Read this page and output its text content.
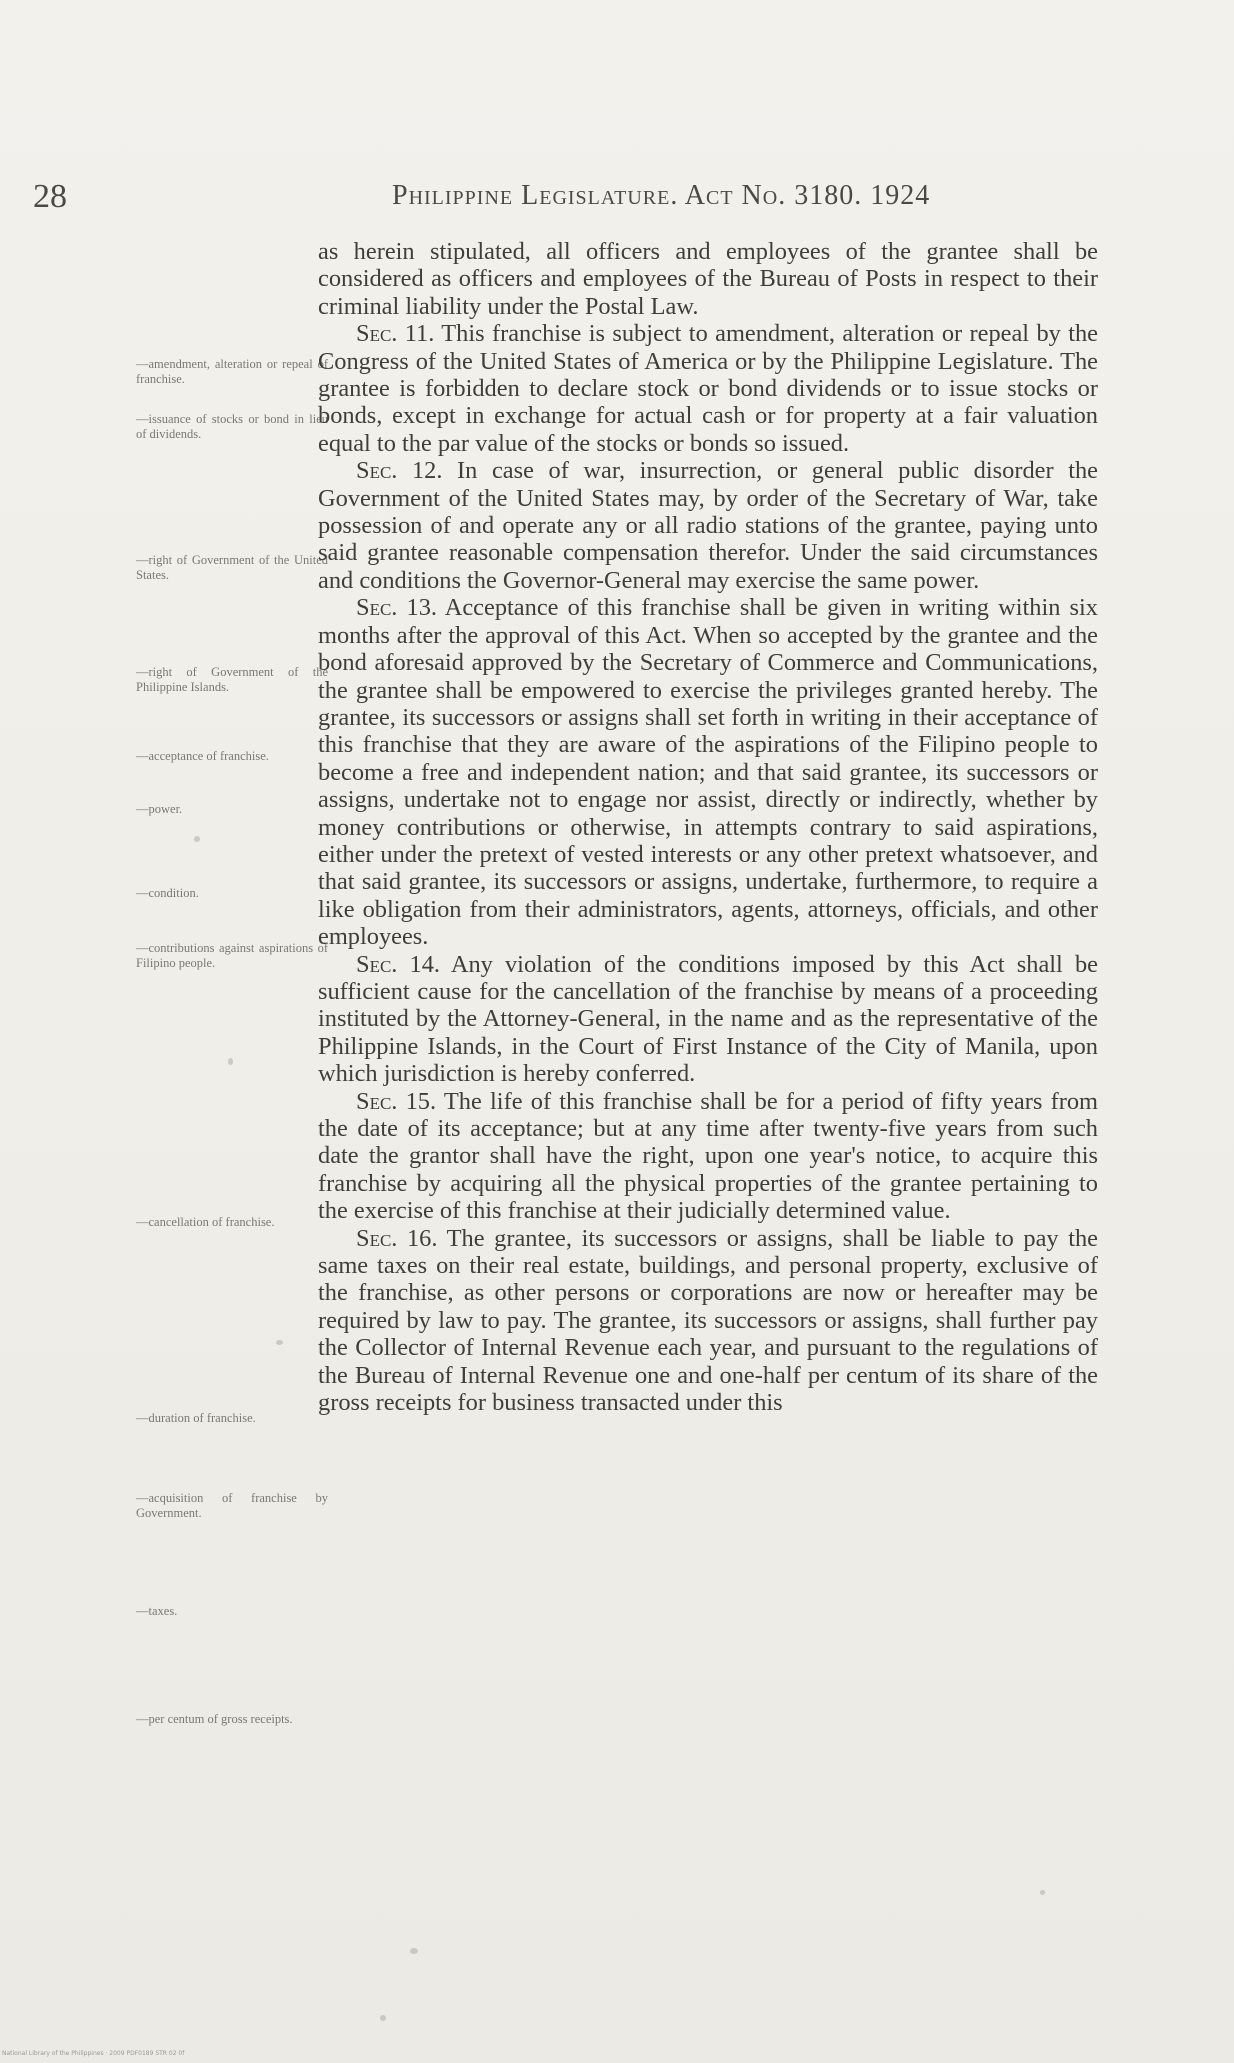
28	Philippine Legislature. Act No. 3180. 1924
—amendment, alteration or repeal of franchise.
—issuance of stocks or bond in lieu of dividends.
—right of Government of the United States.
—right of Government of the Philippine Islands.
—acceptance of franchise.
—power.
—condition.
—contributions against aspirations of Filipino people.
—cancellation of franchise.
—duration of franchise.
—acquisition of franchise by Government.
—taxes.
—per centum of gross receipts.

as herein stipulated, all officers and employees of the grantee shall be considered as officers and employees of the Bureau of Posts in respect to their criminal liability under the Postal Law.

Sec. 11. This franchise is subject to amendment, alteration or repeal by the Congress of the United States of America or by the Philippine Legislature. The grantee is forbidden to declare stock or bond dividends or to issue stocks or bonds, except in exchange for actual cash or for property at a fair valuation equal to the par value of the stocks or bonds so issued.

Sec. 12. In case of war, insurrection, or general public disorder the Government of the United States may, by order of the Secretary of War, take possession of and operate any or all radio stations of the grantee, paying unto said grantee reasonable compensation therefor. Under the said circumstances and conditions the Governor-General may exercise the same power.

Sec. 13. Acceptance of this franchise shall be given in writing within six months after the approval of this Act. When so accepted by the grantee and the bond aforesaid approved by the Secretary of Commerce and Communications, the grantee shall be empowered to exercise the privileges granted hereby. The grantee, its successors or assigns shall set forth in writing in their acceptance of this franchise that they are aware of the aspirations of the Filipino people to become a free and independent nation; and that said grantee, its successors or assigns, undertake not to engage nor assist, directly or indirectly, whether by money contributions or otherwise, in attempts contrary to said aspirations, either under the pretext of vested interests or any other pretext whatsoever, and that said grantee, its successors or assigns, undertake, furthermore, to require a like obligation from their administrators, agents, attorneys, officials, and other employees.

Sec. 14. Any violation of the conditions imposed by this Act shall be sufficient cause for the cancellation of the franchise by means of a proceeding instituted by the Attorney-General, in the name and as the representative of the Philippine Islands, in the Court of First Instance of the City of Manila, upon which jurisdiction is hereby conferred.

Sec. 15. The life of this franchise shall be for a period of fifty years from the date of its acceptance; but at any time after twenty-five years from such date the grantor shall have the right, upon one year's notice, to acquire this franchise by acquiring all the physical properties of the grantee pertaining to the exercise of this franchise at their judicially determined value.

Sec. 16. The grantee, its successors or assigns, shall be liable to pay the same taxes on their real estate, buildings, and personal property, exclusive of the franchise, as other persons or corporations are now or hereafter may be required by law to pay. The grantee, its successors or assigns, shall further pay the Collector of Internal Revenue each year, and pursuant to the regulations of the Bureau of Internal Revenue one and one-half per centum of its share of the gross receipts for business transacted under this

National Library of the Philippines · 2009 PDF0189 STR 02 0f
